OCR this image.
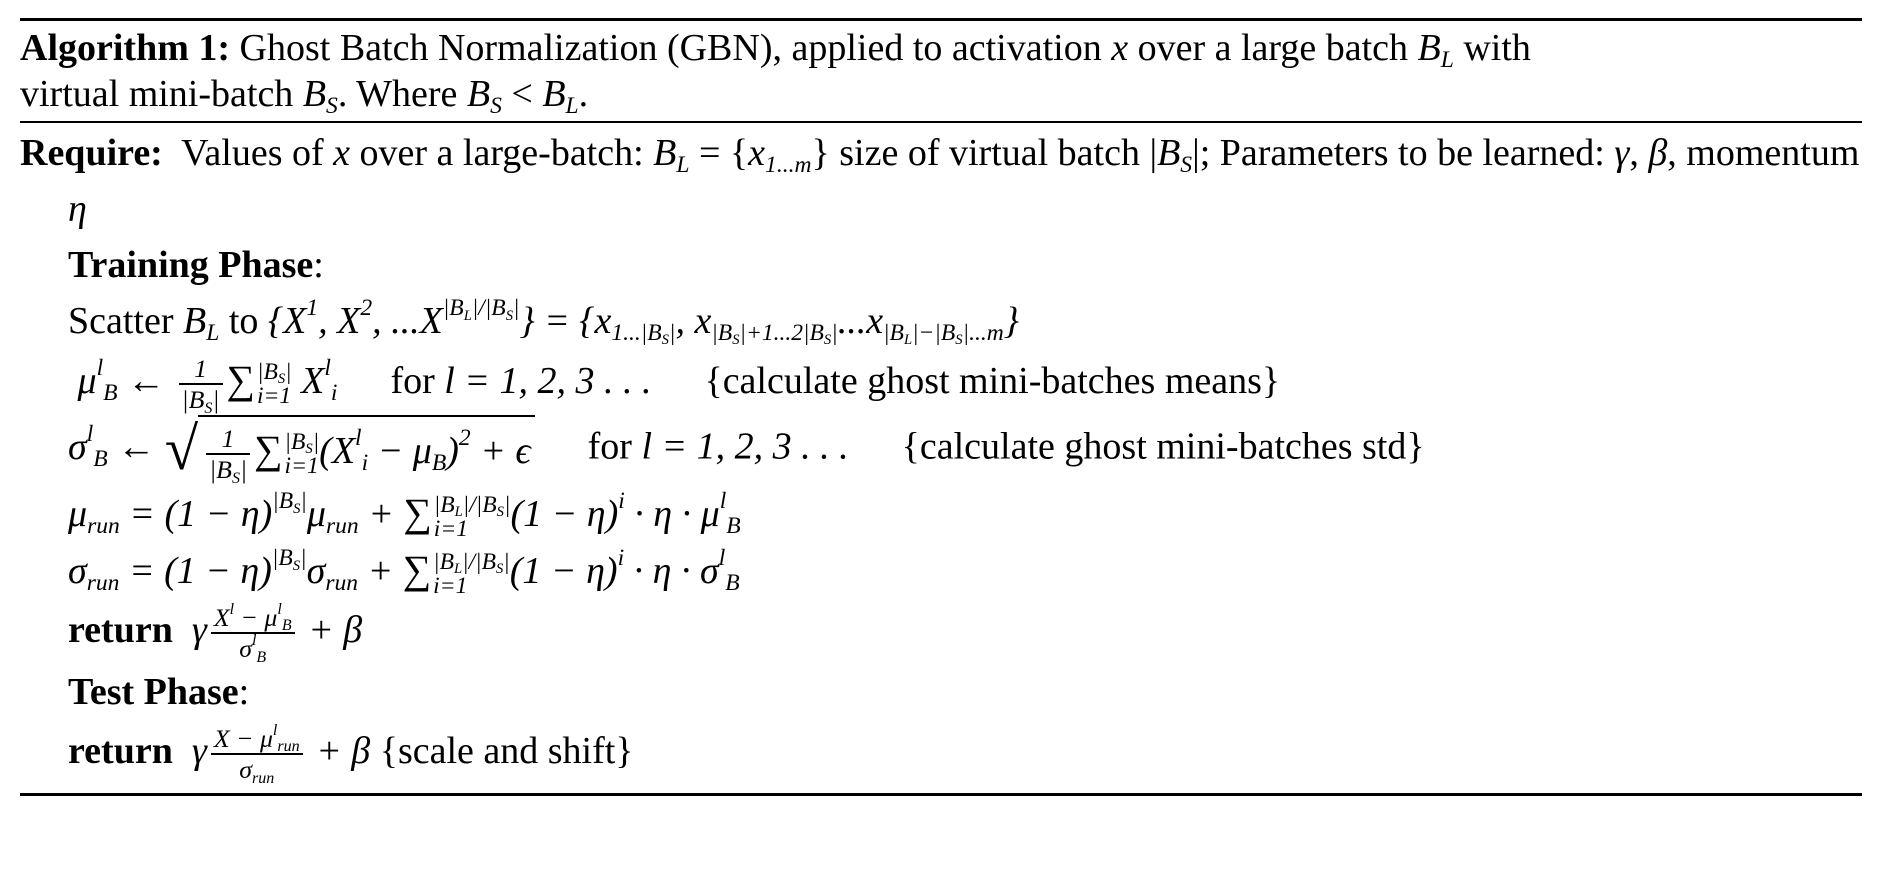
Algorithm 1: Ghost Batch Normalization (GBN), applied to activation x over a large batch $B_L$ with
virtual mini-batch $B_S$. Where $B_S < B_L$.
Require: Values of x over a large-batch: $B_L = \{x_{1...m}\}$ size of virtual batch $|B_S|$; Parameters to be learned: γ, β, momentum η
Training Phase:
Scatter $B_L$ to {$X^1$, $X^2$, $...X^{|B_L|/|B_S|}\} = \{x_{1...|B_S|}$, $x_{|B_S|+1...2|B_S|}...x_{|B_L|-|B_S|...m}$}
$\mu^l_B$ ← $\frac{1}{|B_S|}$ ∑ $|B_S|$
i=1 $X^l_i$ for l = 1, 2, 3 . . . {calculate ghost mini-batches means}
$\sigma^l_B$ ← √ $\frac{1}{|B_S|}$ ∑ $|B_S|$
i=1 $(X^l_i - \mu_B)^2 + \epsilon$ for l = 1, 2, 3 . . . {calculate ghost mini-batches std}
$\mu_{run} = (1 - \eta)^{|B_S|}\mu_{run}$ + ∑ $|B_L|/|B_S|$
i=1	$(1 - \eta)^i \cdot \eta \cdot \mu^l_B$
$\sigma_{run} = (1 - \eta)^{|B_S|}\sigma_{run}$ + ∑ $|B_L|/|B_S|$
i=1	$(1 - \eta)^i \cdot \eta \cdot \sigma^l_B$
return γ $\frac{X^l - \mu^l_B}{\sigma^l_B} + \beta$
Test Phase:
return γ $\frac{X - \mu^l_{run}}{\sigma_{run}} + \beta$ {scale and shift}
